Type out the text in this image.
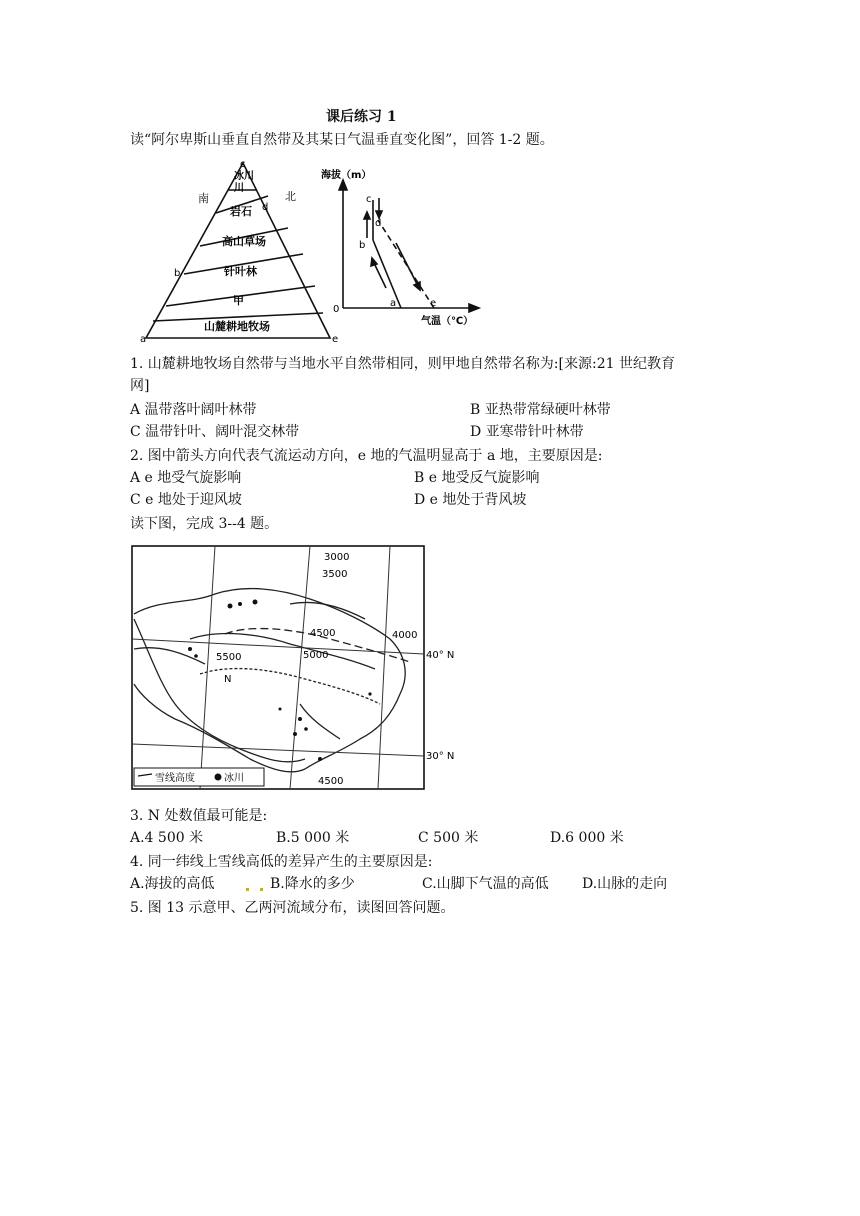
课后练习 1
读“阿尔卑斯山垂直自然带及其某日气温垂直变化图”，回答 1-2 题。
南	北
冰川
川
岩石
高山草场
针叶林
甲
山麓耕地牧场
c
d
b
a	e
海拔（m）
气温（℃）
0
c
d
b
a	e
1. 山麓耕地牧场自然带与当地水平自然带相同，则甲地自然带名称为:[来源:21 世纪教育
网]
A 温带落叶阔叶林带	B 亚热带常绿硬叶林带
C 温带针叶、阔叶混交林带	D 亚寒带针叶林带
2. 图中箭头方向代表气流运动方向，e 地的气温明显高于 a 地，主要原因是:
A e 地受气旋影响	B e 地受反气旋影响
C e 地处于迎风坡	D e 地处于背风坡
读下图，完成 3--4 题。
3000
3500
4500	4000
5500	5000
4500
N
40° N
30° N
雪线高度	冰川
3. N 处数值最可能是:
A.4 500 米	B.5 000 米	C 500 米	D.6 000 米
4. 同一纬线上雪线高低的差异产生的主要原因是:
A.海拔的高低	B.降水的多少	C.山脚下气温的高低 D.山脉的走向
5. 图 13 示意甲、乙两河流域分布，读图回答问题。
